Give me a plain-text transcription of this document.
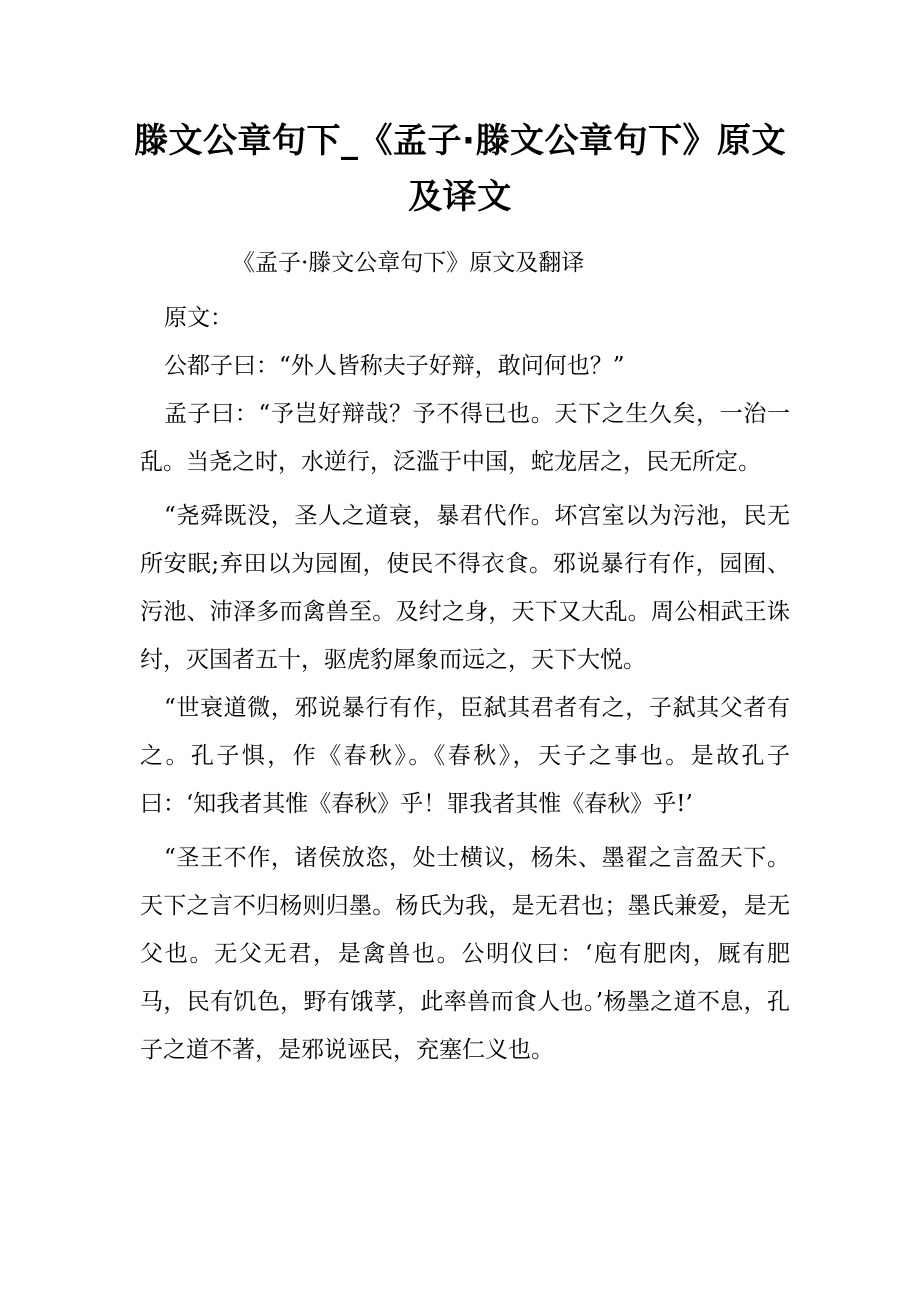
滕文公章句下_《孟子·滕文公章句下》原文及译文

《孟子·滕文公章句下》原文及翻译

原文：

公都子曰：“外人皆称夫子好辩，敢问何也？”

孟子曰：“予岂好辩哉？予不得已也。天下之生久矣，一治一乱。当尧之时，水逆行，泛滥于中国，蛇龙居之，民无所定。

“尧舜既没，圣人之道衰，暴君代作。坏宫室以为污池，民无所安眠;弃田以为园囿，使民不得衣食。邪说暴行有作，园囿、污池、沛泽多而禽兽至。及纣之身，天下又大乱。周公相武王诛纣，灭国者五十，驱虎豹犀象而远之，天下大悦。

“世衰道微，邪说暴行有作，臣弑其君者有之，子弑其父者有之。孔子惧，作《春秋》。《春秋》，天子之事也。是故孔子曰：‘知我者其惟《春秋》乎！罪我者其惟《春秋》乎!’

“圣王不作，诸侯放恣，处士横议，杨朱、墨翟之言盈天下。天下之言不归杨则归墨。杨氏为我，是无君也；墨氏兼爱，是无父也。无父无君，是禽兽也。公明仪曰：‘庖有肥肉，厩有肥马，民有饥色，野有饿莩，此率兽而食人也。’杨墨之道不息，孔子之道不著，是邪说诬民，充塞仁义也。
